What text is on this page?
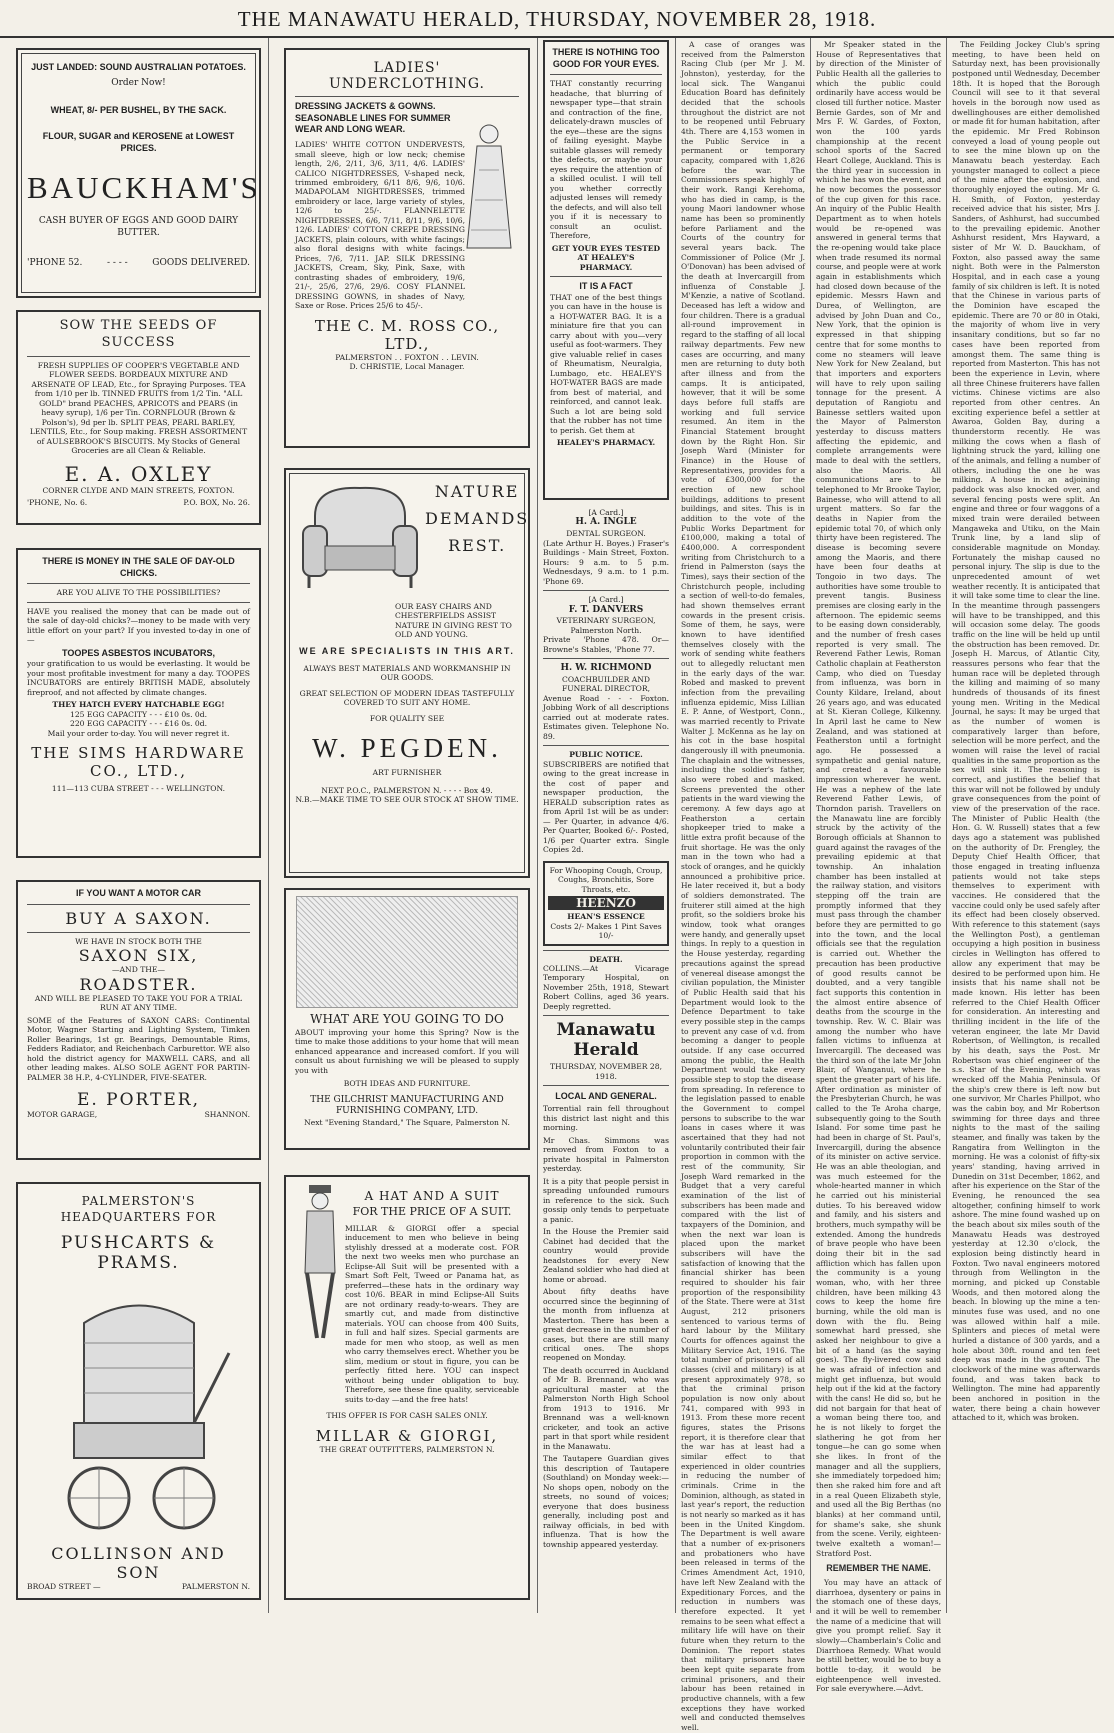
THE MANAWATU HERALD, THURSDAY, NOVEMBER 28, 1918.
JUST LANDED: SOUND AUSTRALIAN POTATOES.
Order Now!
WHEAT, 8/- PER BUSHEL, BY THE SACK.
FLOUR, SUGAR and KEROSENE at LOWEST PRICES.
BAUCKHAM'S
CASH BUYER OF EGGS AND GOOD DAIRY BUTTER.
'PHONE 52.	- - - -	GOODS DELIVERED.
SOW THE SEEDS OF SUCCESS
FRESH SUPPLIES OF COOPER'S VEGETABLE AND FLOWER SEEDS. BORDEAUX MIXTURE AND ARSENATE OF LEAD, Etc., for Spraying Purposes. TEA from 1/10 per lb. TINNED FRUITS from 1/2 Tin. "ALL GOLD" brand PEACHES, APRICOTS and PEARS (in heavy syrup), 1/6 per Tin. CORNFLOUR (Brown & Polson's), 9d per lb. SPLIT PEAS, PEARL BARLEY, LENTILS, Etc., for Soup making. FRESH ASSORTMENT of AULSEBROOK'S BISCUITS. My Stocks of General Groceries are all Clean & Reliable.
E. A. OXLEY
CORNER CLYDE AND MAIN STREETS, FOXTON.
'PHONE, No. 6.	P.O. BOX, No. 26.
THERE IS MONEY IN THE SALE OF DAY-OLD CHICKS.
ARE YOU ALIVE TO THE POSSIBILITIES?
HAVE you realised the money that can be made out of the sale of day-old chicks?—money to be made with very little effort on your part? If you invested to-day in one of—
TOOPES ASBESTOS INCUBATORS,
your gratification to us would be everlasting. It would be your most profitable investment for many a day. TOOPES INCUBATORS are entirely BRITISH MADE, absolutely fireproof, and not affected by climate changes.
THEY HATCH EVERY HATCHABLE EGG!
125 EGG CAPACITY - - - £10 0s. 0d.
220 EGG CAPACITY - - - £16 0s. 0d.
Mail your order to-day. You will never regret it.
THE SIMS HARDWARE CO., LTD.,
111—113 CUBA STREET - - - WELLINGTON.
IF YOU WANT A MOTOR CAR
BUY A SAXON.
WE HAVE IN STOCK BOTH THE
SAXON SIX,
—AND THE—
ROADSTER.
AND WILL BE PLEASED TO TAKE YOU FOR A TRIAL RUN AT ANY TIME.
SOME of the Features of SAXON CARS: Continental Motor, Wagner Starting and Lighting System, Timken Roller Bearings, 1st gr. Bearings, Demountable Rims, Fedders Radiator, and Reichenbach Carburettor. WE also hold the district agency for MAXWELL CARS, and all other leading makes. ALSO SOLE AGENT FOR PARTIN-PALMER 38 H.P., 4-CYLINDER, FIVE-SEATER.
E. PORTER,
MOTOR GARAGE,	SHANNON.
PALMERSTON'S HEADQUARTERS FOR
PUSHCARTS & PRAMS.
COLLINSON AND SON
BROAD STREET —	PALMERSTON N.
LADIES' UNDERCLOTHING.
DRESSING JACKETS & GOWNS.
SEASONABLE LINES FOR SUMMER WEAR AND LONG WEAR.
LADIES' WHITE COTTON UNDERVESTS, small sleeve, high or low neck; chemise length, 2/6, 2/11, 3/6, 3/11, 4/6. LADIES' CALICO NIGHTDRESSES, V-shaped neck, trimmed embroidery, 6/11 8/6, 9/6, 10/6. MADAPOLAM NIGHTDRESSES, trimmed embroidery or lace, large variety of styles, 12/6 to 25/-. FLANNELETTE NIGHTDRESSES, 6/6, 7/11, 8/11, 9/6, 10/6, 12/6. LADIES' COTTON CREPE DRESSING JACKETS, plain colours, with white facings; also floral designs with white facings. Prices, 7/6, 7/11. JAP. SILK DRESSING JACKETS, Cream, Sky, Pink, Saxe, with contrasting shades of embroidery, 19/6, 21/-, 25/6, 27/6, 29/6. COSY FLANNEL DRESSING GOWNS, in shades of Navy, Saxe or Rose. Prices 25/6 to 45/-.
THE C. M. ROSS CO., LTD.,
PALMERSTON . . FOXTON . . LEVIN.
D. CHRISTIE, Local Manager.
NATURE
DEMANDS
REST.
OUR EASY CHAIRS AND CHESTERFIELDS ASSIST NATURE IN GIVING REST TO OLD AND YOUNG.
WE ARE SPECIALISTS IN THIS ART.
ALWAYS BEST MATERIALS AND WORKMANSHIP IN OUR GOODS.
GREAT SELECTION OF MODERN IDEAS TASTEFULLY COVERED TO SUIT ANY HOME.
FOR QUALITY SEE
W. PEGDEN.
ART FURNISHER
NEXT P.O.C., PALMERSTON N. - - - - Box 49.
N.B.—MAKE TIME TO SEE OUR STOCK AT SHOW TIME.
WHAT ARE YOU GOING TO DO
ABOUT improving your home this Spring? Now is the time to make those additions to your home that will mean enhanced appearance and increased comfort. If you will consult us about furnishing we will be pleased to supply you with
BOTH IDEAS AND FURNITURE.
THE GILCHRIST MANUFACTURING AND FURNISHING COMPANY, LTD.
Next "Evening Standard," The Square, Palmerston N.
A HAT AND A SUIT
FOR THE PRICE OF A SUIT.
MILLAR & GIORGI offer a special inducement to men who believe in being stylishly dressed at a moderate cost. FOR the next two weeks men who purchase an Eclipse-All Suit will be presented with a Smart Soft Felt, Tweed or Panama hat, as preferred—these hats in the ordinary way cost 10/6. BEAR in mind Eclipse-All Suits are not ordinary ready-to-wears. They are smartly cut, and made from distinctive materials. YOU can choose from 400 Suits, in full and half sizes. Special garments are made for men who stoop, as well as men who carry themselves erect. Whether you be slim, medium or stout in figure, you can be perfectly fitted here. YOU can inspect without being under obligation to buy. Therefore, see these fine quality, serviceable suits to-day —and the free hats!
THIS OFFER IS FOR CASH SALES ONLY.
MILLAR & GIORGI,
THE GREAT OUTFITTERS, PALMERSTON N.
THERE IS NOTHING TOO GOOD FOR YOUR EYES.
THAT constantly recurring headache, that blurring of newspaper type—that strain and contraction of the fine, delicately-drawn muscles of the eye—these are the signs of failing eyesight. Maybe suitable glasses will remedy the defects, or maybe your eyes require the attention of a skilled oculist. I will tell you whether correctly adjusted lenses will remedy the defects, and will also tell you if it is necessary to consult an oculist. Therefore,
GET YOUR EYES TESTED AT HEALEY'S PHARMACY.
IT IS A FACT
THAT one of the best things you can have in the house is a HOT-WATER BAG. It is a miniature fire that you can carry about with you—very useful as foot-warmers. They give valuable relief in cases of Rheumatism, Neuralgia, Lumbago, etc. HEALEY'S HOT-WATER BAGS are made from best of material, and reinforced, and cannot leak. Such a lot are being sold that the rubber has not time to perish. Get them at
HEALEY'S PHARMACY.
[A Card.]
H. A. INGLE
DENTAL SURGEON.
(Late Arthur H. Boyes.) Fraser's Buildings - Main Street, Foxton. Hours: 9 a.m. to 5 p.m. Wednesdays, 9 a.m. to 1 p.m. 'Phone 69.
[A Card.]
F. T. DANVERS
VETERINARY SURGEON, Palmerston North.
Private 'Phone 478. Or— Browne's Stables, 'Phone 77.
H. W. RICHMOND
COACHBUILDER AND FUNERAL DIRECTOR,
Avenue Road - - - Foxton. Jobbing Work of all descriptions carried out at moderate rates. Estimates given. Telephone No. 89.
PUBLIC NOTICE.
SUBSCRIBERS are notified that owing to the great increase in the cost of paper and newspaper production, the HERALD subscription rates as from April 1st will be as under:— Per Quarter, in advance 4/6. Per Quarter, Booked 6/-. Posted, 1/6 per Quarter extra. Single Copies 2d.
For Whooping Cough, Croup, Coughs, Bronchitis, Sore Throats, etc.
HEENZO
HEAN'S ESSENCE
Costs 2/- Makes 1 Pint Saves 10/-
DEATH.
COLLINS.—At Vicarage Temporary Hospital, on November 25th, 1918, Stewart Robert Collins, aged 36 years. Deeply regretted.
Manawatu Herald
THURSDAY, NOVEMBER 28, 1918.
LOCAL AND GENERAL.
Torrential rain fell throughout this district last night and this morning.
Mr Chas. Simmons was removed from Foxton to a private hospital in Palmerston yesterday.
It is a pity that people persist in spreading unfounded rumours in reference to the sick. Such gossip only tends to perpetuate a panic.
In the House the Premier said Cabinet had decided that the country would provide headstones for every New Zealand soldier who had died at home or abroad.
About fifty deaths have occurred since the beginning of the month from influenza at Masterton. There has been a great decrease in the number of cases, but there are still many critical ones. The shops reopened on Monday.
The death occurred in Auckland of Mr B. Brennand, who was agricultural master at the Palmerston North High School from 1913 to 1916. Mr Brennand was a well-known cricketer, and took an active part in that sport while resident in the Manawatu.
The Tautapere Guardian gives this description of Tautapere (Southland) on Monday week:—No shops open, nobody on the streets, no sound of voices; everyone that does business generally, including post and railway officials, in bed with influenza. That is how the township appeared yesterday.

A case of oranges was received from the Palmerston Racing Club (per Mr J. M. Johnston), yesterday, for the local sick. The Wanganui Education Board has definitely decided that the schools throughout the district are not to be reopened until February 4th. There are 4,153 women in the Public Service in a permanent or temporary capacity, compared with 1,826 before the war. The Commissioners speak highly of their work. Rangi Kerehoma, who has died in camp, is the young Maori landowner whose name has been so prominently before Parliament and the Courts of the country for several years back. The Commissioner of Police (Mr J. O'Donovan) has been advised of the death at Invercargill from influenza of Constable J. M'Kenzie, a native of Scotland. Deceased has left a widow and four children. There is a gradual all-round improvement in regard to the staffing of all local railway departments. Few new cases are occurring, and many men are returning to duty both after illness and from the camps. It is anticipated, however, that it will be some days before full staffs are working and full service resumed. An item in the Financial Statement brought down by the Right Hon. Sir Joseph Ward (Minister for Finance) in the House of Representatives, provides for a vote of £300,000 for the erection of new school buildings, additions to present buildings, and sites. This is in addition to the vote of the Public Works Department for £100,000, making a total of £400,000. A correspondent writing from Christchurch to a friend in Palmerston (says the Times), says their section of the Christchurch people, including a section of well-to-do females, had shown themselves errant cowards in the present crisis. Some of them, he says, were known to have identified themselves closely with the work of sending white feathers out to allegedly reluctant men in the early days of the war. Robed and masked to prevent infection from the prevailing influenza epidemic, Miss Lillian E. P. Anne, of Westport, Conn., was married recently to Private Walter J. McKenna as he lay on his cot in the base hospital dangerously ill with pneumonia. The chaplain and the witnesses, including the soldier's father, also were robed and masked. Screens prevented the other patients in the ward viewing the ceremony. A few days ago at Featherston a certain shopkeeper tried to make a little extra profit because of the fruit shortage. He was the only man in the town who had a stock of oranges, and he quickly announced a prohibitive price. He later received it, but a body of soldiers demonstrated. The fruiterer still aimed at the high profit, so the soldiers broke his window, took what oranges were handy, and generally upset things. In reply to a question in the House yesterday, regarding precautions against the spread of venereal disease amongst the civilian population, the Minister of Public Health said that his Department would look to the Defence Department to take every possible step in the camps to prevent any case of v.d. from becoming a danger to people outside. If any case occurred among the public, the Health Department would take every possible step to stop the disease from spreading. In reference to the legislation passed to enable the Government to compel persons to subscribe to the war loans in cases where it was ascertained that they had not voluntarily contributed their fair proportion in common with the rest of the community, Sir Joseph Ward remarked in the Budget that a very careful examination of the list of subscribers has been made and compared with the list of taxpayers of the Dominion, and when the next war loan is placed upon the market subscribers will have the satisfaction of knowing that the financial shirker has been required to shoulder his fair proportion of the responsibility of the State. There were at 31st August, 212 prisoners sentenced to various terms of hard labour by the Military Courts for offences against the Military Service Act, 1916. The total number of prisoners of all classes (civil and military) is at present approximately 978, so that the criminal prison population is now only about 741, compared with 993 in 1913. From these more recent figures, states the Prisons report, it is therefore clear that the war has at least had a similar effect to that experienced in older countries in reducing the number of criminals. Crime in the Dominion, although, as stated in last year's report, the reduction is not nearly so marked as it has been in the United Kingdom. The Department is well aware that a number of ex-prisoners and probationers who have been released in terms of the Crimes Amendment Act, 1910, have left New Zealand with the Expeditionary Forces, and the reduction in numbers was therefore expected. It yet remains to be seen what effect a military life will have on their future when they return to the Dominion. The report states that military prisoners have been kept quite separate from criminal prisoners, and their labour has been retained in productive channels, with a few exceptions they have worked well and conducted themselves well.

Mr Speaker stated in the House of Representatives that by direction of the Minister of Public Health all the galleries to which the public could ordinarily have access would be closed till further notice. Master Bernie Gardes, son of Mr and Mrs F. W. Gardes, of Foxton, won the 100 yards championship at the recent school sports of the Sacred Heart College, Auckland. This is the third year in succession in which he has won the event, and he now becomes the possessor of the cup given for this race. An inquiry of the Public Health Department as to when hotels would be re-opened was answered in general terms that the re-opening would take place when trade resumed its normal course, and people were at work again in establishments which had closed down because of the epidemic. Messrs Hawn and Durea, of Wellington, are advised by John Duan and Co., New York, that the opinion is expressed in that shipping centre that for some months to come no steamers will leave New York for New Zealand, but that importers and exporters will have to rely upon sailing tonnage for the present. A deputation of Rangiotu and Bainesse settlers waited upon the Mayor of Palmerston yesterday to discuss matters affecting the epidemic, and complete arrangements were made to deal with the settlers, also the Maoris. All communications are to be telephoned to Mr Brooke Taylor, Bainesse, who will attend to all urgent matters. So far the deaths in Napier from the epidemic total 70, of which only thirty have been registered. The disease is becoming severe among the Maoris, and there have been four deaths at Tongoio in two days. The authorities have some trouble to prevent tangis. Business premises are closing early in the afternoon. The epidemic seems to be easing down considerably, and the number of fresh cases reported is very small. The Reverend Father Lewis, Roman Catholic chaplain at Featherston Camp, who died on Tuesday from influenza, was born in County Kildare, Ireland, about 26 years ago, and was educated at St. Kieran College, Kilkenny. In April last he came to New Zealand, and was stationed at Featherston until a fortnight ago. He possessed a sympathetic and genial nature, and created a favourable impression wherever he went. He was a nephew of the late Reverend Father Lewis, of Thorndon parish. Travellers on the Manawatu line are forcibly struck by the activity of the Borough officials at Shannon to guard against the ravages of the prevailing epidemic at that township. An inhalation chamber has been installed at the railway station, and visitors stepping off the train are promptly informed that they must pass through the chamber before they are permitted to go into the town, and the local officials see that the regulation is carried out. Whether the precaution has been productive of good results cannot be doubted, and a very tangible fact supports this contention in the almost entire absence of deaths from the scourge in the township. Rev. W. C. Blair was among the number who have fallen victims to influenza at Invercargill. The deceased was the third son of the late Mr John Blair, of Wanganui, where he spent the greater part of his life. After ordination as minister of the Presbyterian Church, he was called to the Te Aroha charge, subsequently going to the South Island. For some time past he had been in charge of St. Paul's, Invercargill, during the absence of its minister on active service. He was an able theologian, and was much esteemed for the whole-hearted manner in which he carried out his ministerial duties. To his bereaved widow and family, and his sisters and brothers, much sympathy will be extended. Among the hundreds of brave people who have been doing their bit in the sad affliction which has fallen upon the community is a young woman, who, with her three children, have been milking 43 cows to keep the home fire burning, while the old man is down with the flu. Being somewhat hard pressed, she asked her neighbour to give a bit of a hand (as the saying goes). The fly-livered cow said he was afraid of infection and might get influenza, but would help out if the kid at the factory with the cans! He did so, but he did not bargain for that heat of a woman being there too, and he is not likely to forget the slathering he got from her tongue—he can go some when she likes. In front of the manager and all the suppliers, she immediately torpedoed him; then she raked him fore and aft in a real Queen Elizabeth style, and used all the Big Berthas (no blanks) at her command until, for shame's sake, she shunk from the scene. Verily, eighteen-twelve exalteth a woman!—Stratford Post.

REMEMBER THE NAME.

You may have an attack of diarrhoea, dysentery or pains in the stomach one of these days, and it will be well to remember the name of a medicine that will give you prompt relief. Say it slowly—Chamberlain's Colic and Diarrhoea Remedy. What would be still better, would be to buy a bottle to-day, it would be eighteenpence well invested. For sale everywhere.—Advt.

The Feilding Jockey Club's spring meeting, to have been held on Saturday next, has been provisionally postponed until Wednesday, December 18th. It is hoped that the Borough Council will see to it that several hovels in the borough now used as dwellinghouses are either demolished or made fit for human habitation, after the epidemic. Mr Fred Robinson conveyed a load of young people out to see the mine blown up on the Manawatu beach yesterday. Each youngster managed to collect a piece of the mine after the explosion, and thoroughly enjoyed the outing. Mr G. H. Smith, of Foxton, yesterday received advice that his sister, Mrs J. Sanders, of Ashhurst, had succumbed to the prevailing epidemic. Another Ashhurst resident, Mrs Hayward, a sister of Mr W. D. Bauckham, of Foxton, also passed away the same night. Both were in the Palmerston Hospital, and in each case a young family of six children is left. It is noted that the Chinese in various parts of the Dominion have escaped the epidemic. There are 70 or 80 in Otaki, the majority of whom live in very insanitary conditions, but so far no cases have been reported from amongst them. The same thing is reported from Masterton. This has not been the experience in Levin, where all three Chinese fruiterers have fallen victims. Chinese victims are also reported from other centres. An exciting experience befel a settler at Awaroa, Golden Bay, during a thunderstorm recently. He was milking the cows when a flash of lightning struck the yard, killing one of the animals, and felling a number of others, including the one he was milking. A house in an adjoining paddock was also knocked over, and several fencing posts were split. An engine and three or four waggons of a mixed train were derailed between Mangaweka and Utiku, on the Main Trunk line, by a land slip of considerable magnitude on Monday. Fortunately the mishap caused no personal injury. The slip is due to the unprecedented amount of wet weather recently. It is anticipated that it will take some time to clear the line. In the meantime through passengers will have to be transhipped, and this will occasion some delay. The goods traffic on the line will be held up until the obstruction has been removed. Dr. Joseph H. Marcus, of Atlantic City, reassures persons who fear that the human race will be depleted through the killing and maiming of so many hundreds of thousands of its finest young men. Writing in the Medical Journal, he says: It may be urged that as the number of women is comparatively larger than before, selection will be more perfect, and the women will raise the level of racial qualities in the same proportion as the sex will sink it. The reasoning is correct, and justifies the belief that this war will not be followed by unduly grave consequences from the point of view of the preservation of the race. The Minister of Public Health (the Hon. G. W. Russell) states that a few days ago a statement was published on the authority of Dr. Frengley, the Deputy Chief Health Officer, that those engaged in treating influenza patients would not take steps themselves to experiment with vaccines. He considered that the vaccine could only be used safely after its effect had been closely observed. With reference to this statement (says the Wellington Post), a gentleman occupying a high position in business circles in Wellington has offered to allow any experiment that may be desired to be performed upon him. He insists that his name shall not be made known. His letter has been referred to the Chief Health Officer for consideration. An interesting and thrilling incident in the life of the veteran engineer, the late Mr David Robertson, of Wellington, is recalled by his death, says the Post. Mr Robertson was chief engineer of the s.s. Star of the Evening, which was wrecked off the Mahia Peninsula. Of the ship's crew there is left now but one survivor, Mr Charles Phillpot, who was the cabin boy, and Mr Robertson swimming for three days and three nights to the mast of the sailing steamer, and finally was taken by the Rangatira from Wellington in the morning. He was a colonist of fifty-six years' standing, having arrived in Dunedin on 31st December, 1862, and after his experience on the Star of the Evening, he renounced the sea altogether, confining himself to work ashore. The mine found washed up on the beach about six miles south of the Manawatu Heads was destroyed yesterday at 12.30 o'clock, the explosion being distinctly heard in Foxton. Two naval engineers motored through from Wellington in the morning, and picked up Constable Woods, and then motored along the beach. In blowing up the mine a ten-minutes fuse was used, and no one was allowed within half a mile. Splinters and pieces of metal were hurled a distance of 300 yards, and a hole about 30ft. round and ten feet deep was made in the ground. The clockwork of the mine was afterwards found, and was taken back to Wellington. The mine had apparently been anchored in position in the water, there being a chain however attached to it, which was broken.
